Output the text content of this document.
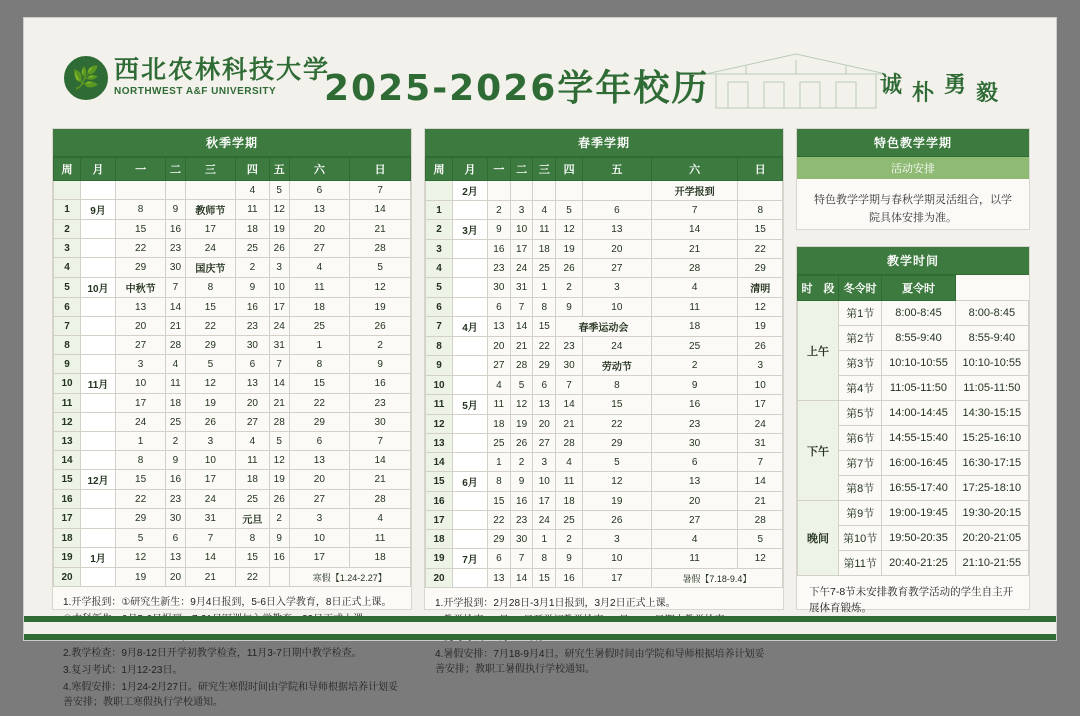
🌿 西北农林科技大学
NORTHWEST A&F UNIVERSITY	2025-2026学年校历	诚朴勇毅
秋季学期
周	月	一	二	三	四	五	六	日
					4	5	6	7
1	9月	8	9	教师节	11	12	13	14
2		15	16	17	18	19	20	21
3		22	23	24	25	26	27	28
4		29	30	国庆节	2	3	4	5
5	10月	中秋节	7	8	9	10	11	12
6		13	14	15	16	17	18	19
7		20	21	22	23	24	25	26
8		27	28	29	30	31	1	2
9		3	4	5	6	7	8	9
10	11月	10	11	12	13	14	15	16
11		17	18	19	20	21	22	23
12		24	25	26	27	28	29	30
13		1	2	3	4	5	6	7
14		8	9	10	11	12	13	14
15	12月	15	16	17	18	19	20	21
16		22	23	24	25	26	27	28
17		29	30	31	元旦	2	3	4
18		5	6	7	8	9	10	11
19	1月	12	13	14	15	16	17	18
20		19	20	21	22		寒假【1.24-2.27】	
1.开学报到：①研究生新生：9月4日报到，5-6日入学教育，8日正式上课。
2.教学检查：9月8-12日开学初教学检查，11月3-7日期中教学检查。
3.复习考试：1月12-23日。
4.寒假安排：1月24-2月27日。研究生寒假时间由学院和导师根据培养计划妥善安排；教职工寒假执行学校通知。
春季学期
周	月	一	二	三	四	五	六	日
	2月						开学报到	
1		2	3	4	5	6	7	8
2	3月	9	10	11	12	13	14	15
3		16	17	18	19	20	21	22
4		23	24	25	26	27	28	29
5		30	31	1	2	3	4	清明
6		6	7	8	9	10	11	12
7	4月	13	14	15	春季运动会		18	19
8		20	21	22	23	24	25	26
9		27	28	29	30	劳动节	2	3
10		4	5	6	7	8	9	10
11	5月	11	12	13	14	15	16	17
12		18	19	20	21	22	23	24
13		25	26	27	28	29	30	31
14		1	2	3	4	5	6	7
15	6月	8	9	10	11	12	13	14
16		15	16	17	18	19	20	21
17		22	23	24	25	26	27	28
18		29	30	1	2	3	4	5
19	7月	6	7	8	9	10	11	12
20		13	14	15	16	17	暑假【7.18-9.4】	
1.开学报到：2月28日-3月1日报到，3月2日正式上课。
4.暑假安排：7月18-9月4日。研究生暑假时间由学院和导师根据培养计划妥善安排；教职工暑假执行学校通知。
特色教学学期
活动安排
特色教学学期与春秋学期灵活组合，以学院具体安排为准。
教学时间
时　段	冬令时	夏令时	
上午	第1节	8:00-8:45	8:00-8:45
	第2节	8:55-9:40	8:55-9:40
	第3节	10:10-10:55	10:10-10:55
	第4节	11:05-11:50	11:05-11:50
下午	第5节	14:00-14:45	14:30-15:15
	第6节	14:55-15:40	15:25-16:10
	第7节	16:00-16:45	16:30-17:15
	第8节	16:55-17:40	17:25-18:10
晚间	第9节	19:00-19:45	19:30-20:15
	第10节	19:50-20:35	20:20-21:05
	第11节	20:40-21:25	21:10-21:55
下午7-8节未安排教育教学活动的学生自主开展体育锻炼。
